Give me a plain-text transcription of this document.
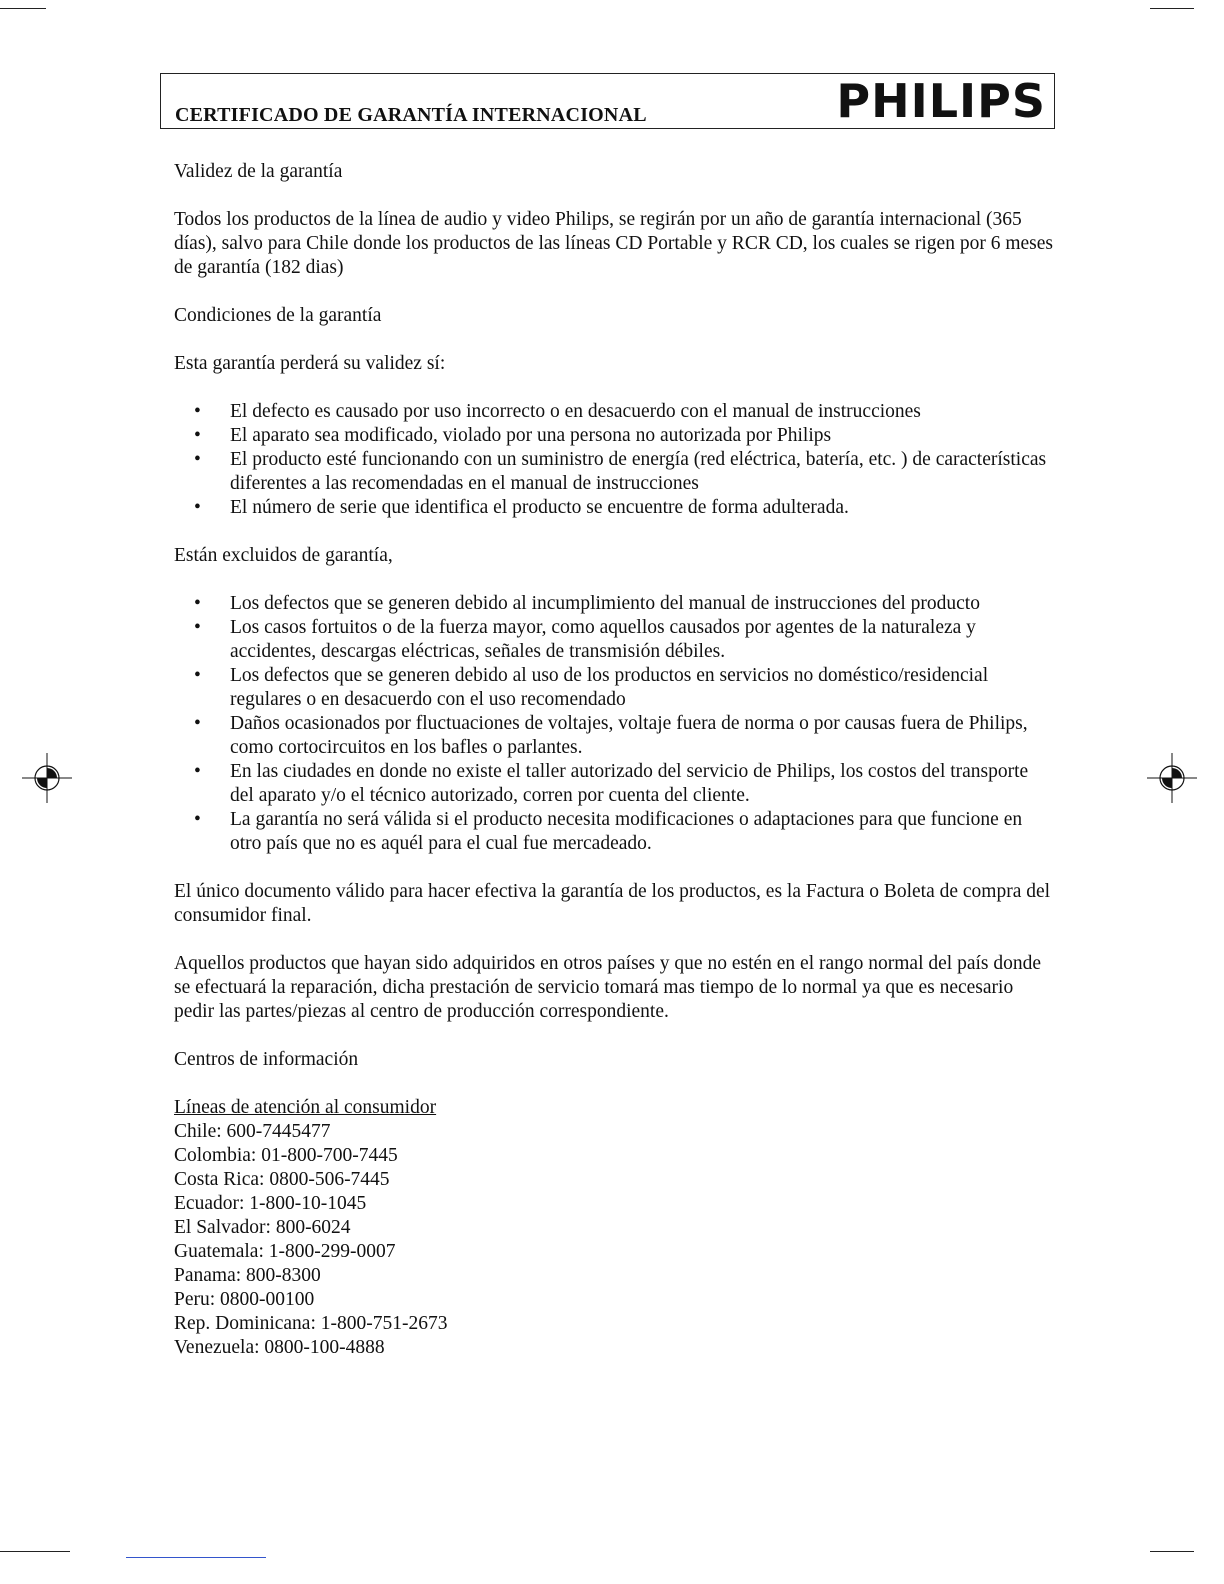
CERTIFICADO DE GARANTÍA INTERNACIONAL	PHILIPS

Validez de la garantía

Todos los productos de la línea de audio y video Philips, se regirán por un año de garantía internacional (365 días), salvo para Chile donde los productos de las líneas CD Portable y RCR CD, los cuales se rigen por 6 meses de garantía (182 dias)

Condiciones de la garantía

Esta garantía perderá su validez sí:

• El defecto es causado por uso incorrecto o en desacuerdo con el manual de instrucciones
• El aparato sea modificado, violado por una persona no autorizada por Philips
• El producto esté funcionando con un suministro de energía (red eléctrica, batería, etc. ) de características diferentes a las recomendadas en el manual de instrucciones
• El número de serie que identifica el producto se encuentre de forma adulterada.

Están excluidos de garantía,

• Los defectos que se generen debido al incumplimiento del manual de instrucciones del producto
• Los casos fortuitos o de la fuerza mayor, como aquellos causados por agentes de la naturaleza y accidentes, descargas eléctricas, señales de transmisión débiles.
• Los defectos que se generen debido al uso de los productos en servicios no doméstico/residencial regulares o en desacuerdo con el uso recomendado
• Daños ocasionados por fluctuaciones de voltajes, voltaje fuera de norma o por causas fuera de Philips, como cortocircuitos en los bafles o parlantes.
• En las ciudades en donde no existe el taller autorizado del servicio de Philips, los costos del transporte del aparato y/o el técnico autorizado, corren por cuenta del cliente.
• La garantía no será válida si el producto necesita modificaciones o adaptaciones para que funcione en otro país que no es aquél para el cual fue mercadeado.

El único documento válido para hacer efectiva la garantía de los productos, es la Factura o Boleta de compra del consumidor final.

Aquellos productos que hayan sido adquiridos en otros países y que no estén en el rango normal del país donde se efectuará la reparación, dicha prestación de servicio tomará mas tiempo de lo normal ya que es necesario pedir las partes/piezas al centro de producción correspondiente.

Centros de información

Líneas de atención al consumidor
Chile: 600-7445477
Colombia: 01-800-700-7445
Costa Rica: 0800-506-7445
Ecuador: 1-800-10-1045
El Salvador: 800-6024
Guatemala: 1-800-299-0007
Panama: 800-8300
Peru: 0800-00100
Rep. Dominicana: 1-800-751-2673
Venezuela: 0800-100-4888
